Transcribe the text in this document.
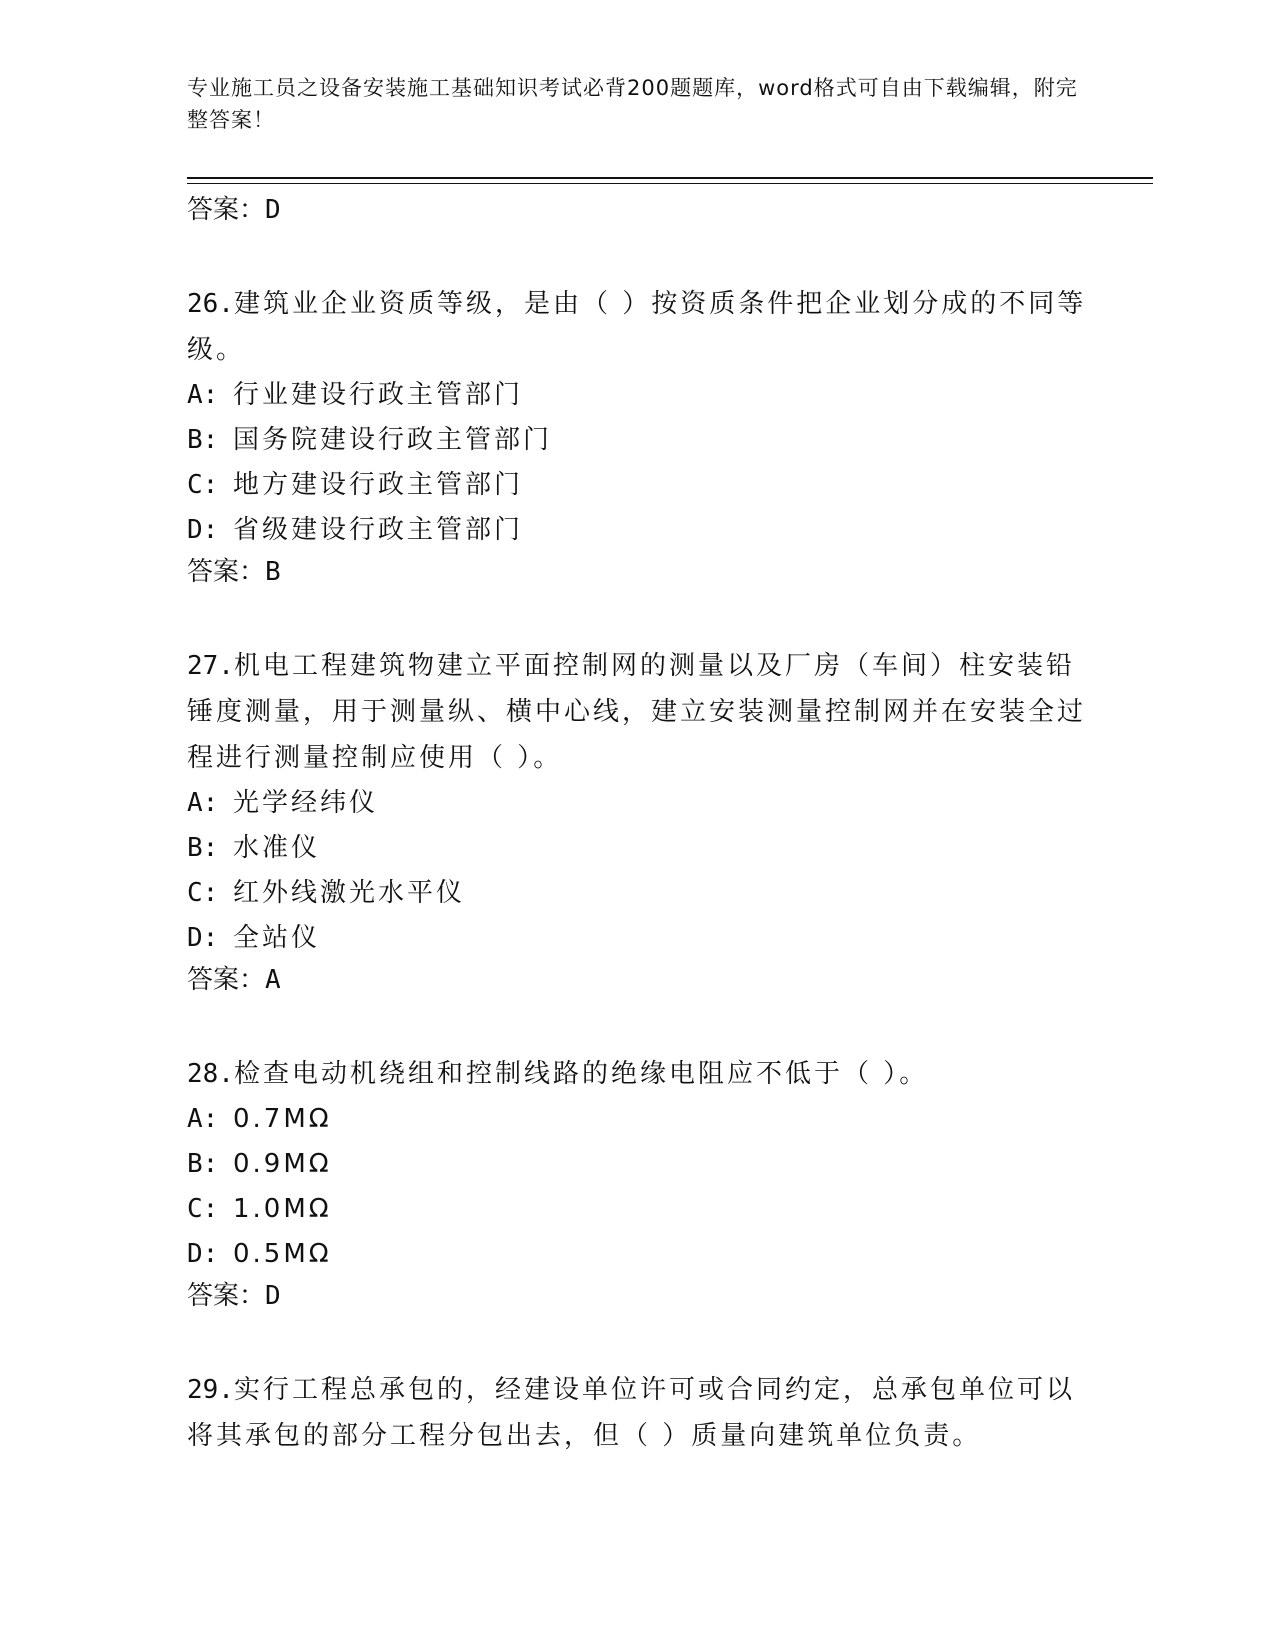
专业施工员之设备安装施工基础知识考试必背200题题库，word格式可自由下载编辑，附完整答案！
答案：D
26.建筑业企业资质等级，是由（ ）按资质条件把企业划分成的不同等级。
A: 行业建设行政主管部门
B: 国务院建设行政主管部门
C: 地方建设行政主管部门
D: 省级建设行政主管部门
答案：B
27.机电工程建筑物建立平面控制网的测量以及厂房（车间）柱安装铅锤度测量，用于测量纵、横中心线，建立安装测量控制网并在安装全过程进行测量控制应使用（ ）。
A: 光学经纬仪
B: 水准仪
C: 红外线激光水平仪
D: 全站仪
答案：A
28.检查电动机绕组和控制线路的绝缘电阻应不低于（ ）。
A: 0.7MΩ
B: 0.9MΩ
C: 1.0MΩ
D: 0.5MΩ
答案：D
29.实行工程总承包的，经建设单位许可或合同约定，总承包单位可以将其承包的部分工程分包出去，但（ ）质量向建筑单位负责。
